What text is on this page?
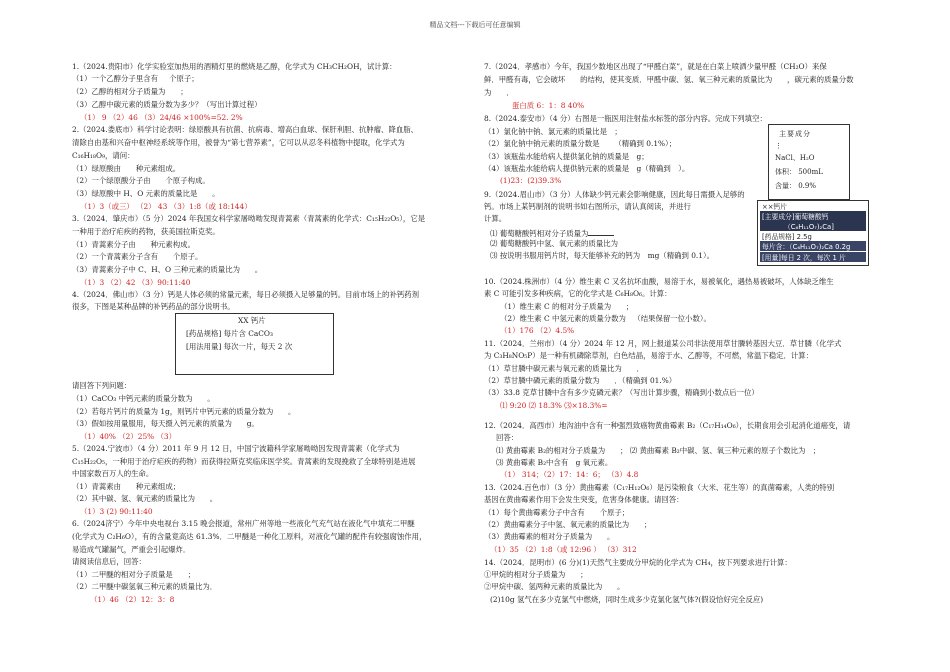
精品文档---下载后可任意编辑
1.（2024.贵阳市）化学实验室加热用的酒精灯里的燃烧是乙醇，化学式为 CH₃CH₂OH，试计算：
（1）一个乙醇分子里含有   个原子；
（2）乙醇的相对分子质量为   ；
（3）乙醇中碳元素的质量分数为多少？（写出计算过程）
（1） 9 （2）46 （3）24/46 ×100%=52. 2%
2.（2024.娄底市）科学讨论表明：绿原酸具有抗菌、抗病毒、增高白血球、保肝利胆、抗肿瘤、降血脂、
清除自由基和兴奋中枢神经系统等作用，被誉为“第七营养素”，它可以从忍冬科植物中提取，化学式为
C₁₆H₁₈O₉，请问：
（1）绿原酸由   种元素组成。
（2）一个绿原酸分子由   个原子构成。
（3）绿原酸中 H、O 元素的质量比是   。
（1）3（或三） （2） 43 （3）1:8（或 18:144）
3.（2024．肇庆市）（5 分）2024 年我国女科学家屠呦呦发现青蒿素（青蒿素的化学式：C₁₅H₂₂O₅），它是
一种用于治疗疟疾的药物，获美国拉斯克奖。
（1）青蒿素分子由   种元素构成。
（2）一个青蒿素分子含有   个原子。
（3）青蒿素分子中 C、H、O 三种元素的质量比为   。
（1）3 （2）42 （3）90:11:40
4.（2024．佛山市）（3 分）钙是人体必须的常量元素，每日必须摄入足够量的钙。目前市场上的补钙药剂
很多，下图是某种品牌的补钙药品的部分说明书。
XX 钙片
[药品规格] 每片含 CaCO₃
[用法用量] 每次一片，每天 2 次
请回答下列问题：
（1）CaCO₃ 中钙元素的质量分数为   。
（2）若每片钙片的质量为 1g，则钙片中钙元素的质量分数为   。
（3）假如按用量服用，每天摄入钙元素的质量为   g。
（1）40% （2）25% （3）
5.（2024.宁波市）（4 分）2011 年 9 月 12 日，中国宁波籍科学家屠呦呦因发现青蒿素（化学式为
C₁₅H₂₂O₅，一种用于治疗疟疾的药物）而获得拉斯克奖临床医学奖。青蒿素的发现挽救了全球特别是进展
中国家数百万人的生命。
（1）青蒿素由   种元素组成；
（2）其中碳、氢、氧元素的质量比为   。
（1）3 (2) 90:11:40
6.（2024济宁）今年中央电视台 3.15 晚会报道，常州广州等地一些液化气充气站在液化气中填充二甲醚
(化学式为 C₂H₆O），有的含量竟高达 61.3%．二甲醚是一种化工原料，对液化气罐的配件有较强腐蚀作用，
易造成气罐漏气，严重会引起爆炸．
请阅读信息后，回答：
（1）二甲醚的相对分子质量是   ；
（2）二甲醚中碳氢氧三种元素的质量比为．
（1）46 （2）12：3：8
7.（2024．孝感市）今年，我国少数地区出现了“甲醛白菜”，就是在白菜上喷洒少量甲醛（CH₂O）来保
鲜．甲醛有毒，它会破坏   的结构，使其变质．甲醛中碳、氢、氧三种元素的质量比为   ，碳元素的质量分数
为   ．
蛋白质 6：1：8 40%
8.（2024.泰安市）（4 分）右图是一瓶医用注射盐水标签的部分内容。完成下列填空：
（1）氯化钠中钠、氯元素的质量比是  ；
（2）氯化钠中钠元素的质量分数是   （精确到 0.1%）；
（3）该瓶盐水能给病人提供氯化钠的质量是  g；
（4）该瓶盐水能给病人提供钠元素的质量是  g（精确到  ）。
(1)23：(2)39.3%
主要成分
⋮
NaCl、H₂O
体积： 500mL
含量： 0.9%
9.（2024.眉山市）（3 分）人体缺少钙元素会影响健康，因此每日需摄入足够的
钙。市场上某钙制剂的说明书如右图所示，请认真阅读，并进行
计算。
⑴ 葡萄糖酸钙相对分子质量为
⑵ 葡萄糖酸钙中氢、氧元素的质量比为
⑶ 按说明书服用钙片时，每天能够补充的钙为  mg（精确到 0.1）。
××钙片
[主要成分]葡萄糖酸钙
（C₆H₁₁O₇)₂Ca]
[药品规格] 2.5g
每片含：（C₆H₁₁O₇)₂Ca 0.2g
[用量]每日 2 次，每次 1 片
10.（2024.株洲市）（4 分）维生素 C 又名抗坏血酸，易溶于水，易被氧化，遇热易被破坏，人体缺乏维生
素 C 可能引发多种疾病，它的化学式是 C₆H₈O₆。计算：
（1）维生素 C 的相对分子质量为   ；
（2）维生素 C 中氢元素的质量分数为  （结果保留一位小数）。
（1）176 （2）4.5%
11.（2024．兰州市）（4 分）2024 年 12 月，网上报道某公司非法使用草甘膦转基因大豆．草甘膦（化学式
为 C₃H₈NO₅P）是一种有机磷除草剂，白色结晶，易溶于水、乙醇等，不可燃，常温下稳定．计算：
（1）草甘膦中碳元素与氧元素的质量比为   ．
（2）草甘膦中磷元素的质量分数为   ．（精确到 01.%）
（3）33.8 克草甘膦中含有多少克磷元素？（写出计算步骤，精确到小数点后一位）
⑴ 9:20 ⑵ 18.3% ⑶×18.3%=
12.（2024．高西市）地沟油中含有一种强烈致癌物黄曲霉素 B₂（C₁₇H₁₄O₆），长期食用会引起消化道癌变，请
回答：
⑴ 黄曲霉素 B₂的相对分子质量为   ； ⑵ 黄曲霉素 B₂中碳、氢、氧三种元素的原子个数比为  ；
⑶ 黄曲霉素 B₂中含有  g 氧元素。
（1） 314；（2）17：14：6； （3）4.8
13.（2024.百色市）（3 分）黄曲霉素（C₁₇H₁₂O₆）是污染粮食（大米、花生等）的真菌霉素，人类的特别
基因在黄曲霉素作用下会发生突变，危害身体健康。请回答：
（1）每个黄曲霉素分子中含有   个原子；
（2）黄曲霉素分子中氢、氧元素的质量比为   ；
（3）黄曲霉素的相对分子质量为   。
（1）35 （2）1:8（或 12:96 ） （3）312
14.（2024．昆明市）(6 分)(1)天然气主要成分甲烷的化学式为 CH₄，按下列要求进行计算：
①甲烷的相对分子质量为   ；
②甲烷中碳、氢两种元素的质量比为   。
(2)10g 氢气在多少克氯气中燃烧，同时生成多少克氯化氢气体?(假设恰好完全反应)
